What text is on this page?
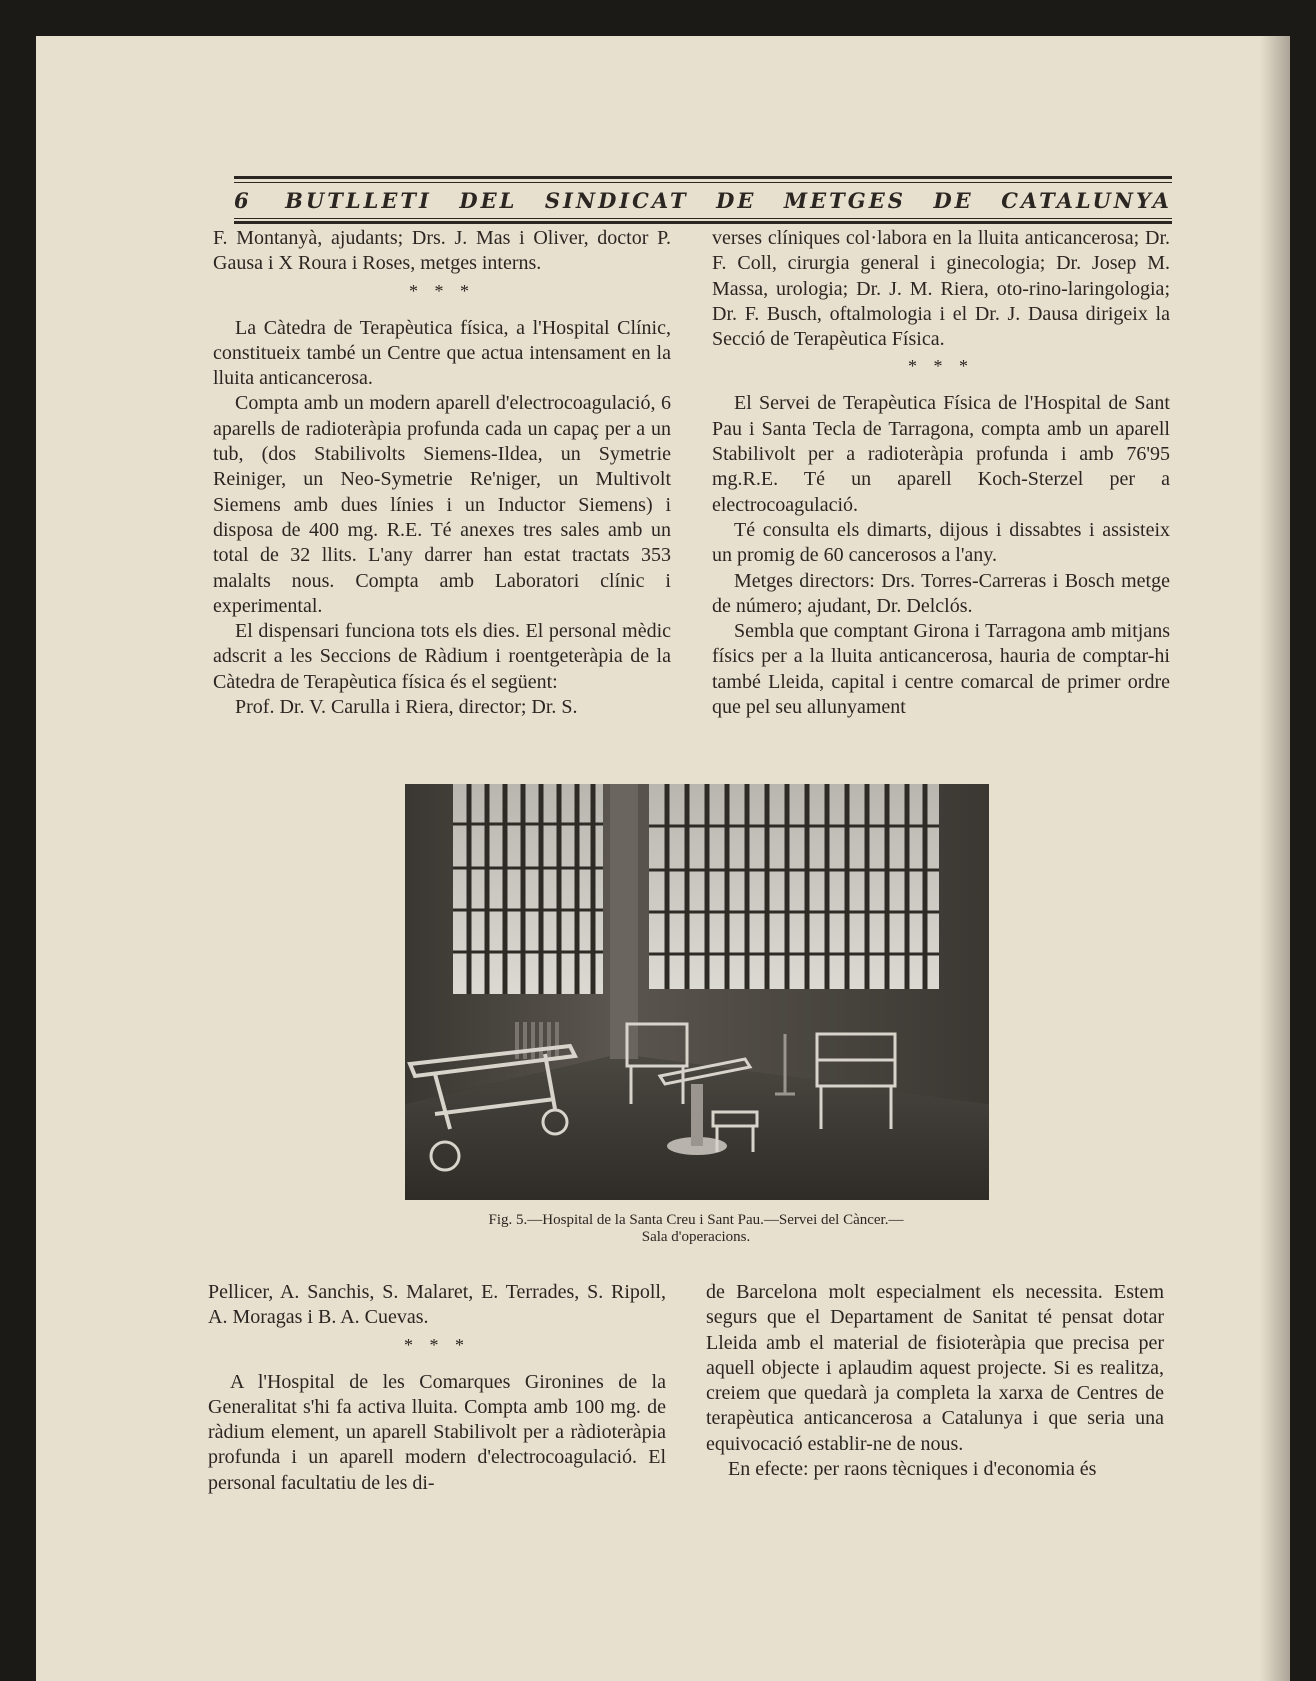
6 BUTLLETI DEL SINDICAT DE METGES DE CATALUNYA

F. Montanyà, ajudants; Drs. J. Mas i Oliver, doctor P. Gausa i X Roura i Roses, metges interns.

* * *

La Càtedra de Terapèutica física, a l'Hospital Clínic, constitueix també un Centre que actua intensament en la lluita anticancerosa.

Compta amb un modern aparell d'electrocoagulació, 6 aparells de radioteràpia profunda cada un capaç per a un tub, (dos Stabilivolts Siemens-Ildea, un Symetrie Reiniger, un Neo-Symetrie Re'niger, un Multivolt Siemens amb dues línies i un Inductor Siemens) i disposa de 400 mg. R.E. Té anexes tres sales amb un total de 32 llits. L'any darrer han estat tractats 353 malalts nous. Compta amb Laboratori clínic i experimental.

El dispensari funciona tots els dies. El personal mèdic adscrit a les Seccions de Ràdium i roentgeteràpia de la Càtedra de Terapèutica física és el següent:

Prof. Dr. V. Carulla i Riera, director; Dr. S.

verses clíniques col·labora en la lluita anticancerosa; Dr. F. Coll, cirurgia general i ginecologia; Dr. Josep M. Massa, urologia; Dr. J. M. Riera, oto-rino-laringologia; Dr. F. Busch, oftalmologia i el Dr. J. Dausa dirigeix la Secció de Terapèutica Física.

* * *

El Servei de Terapèutica Física de l'Hospital de Sant Pau i Santa Tecla de Tarragona, compta amb un aparell Stabilivolt per a radioteràpia profunda i amb 76'95 mg.R.E. Té un aparell Koch-Sterzel per a electrocoagulació.

Té consulta els dimarts, dijous i dissabtes i assisteix un promig de 60 cancerosos a l'any.

Metges directors: Drs. Torres-Carreras i Bosch metge de número; ajudant, Dr. Delclós.

Sembla que comptant Girona i Tarragona amb mitjans físics per a la lluita anticancerosa, hauria de comptar-hi també Lleida, capital i centre comarcal de primer ordre que pel seu allunyament

Fig. 5.—Hospital de la Santa Creu i Sant Pau.—Servei del Càncer.—
Sala d'operacions.

Pellicer, A. Sanchis, S. Malaret, E. Terrades, S. Ripoll, A. Moragas i B. A. Cuevas.

* * *

A l'Hospital de les Comarques Gironines de la Generalitat s'hi fa activa lluita. Compta amb 100 mg. de ràdium element, un aparell Stabilivolt per a ràdioteràpia profunda i un aparell modern d'electrocoagulació. El personal facultatiu de les di-

de Barcelona molt especialment els necessita. Estem segurs que el Departament de Sanitat té pensat dotar Lleida amb el material de fisioteràpia que precisa per aquell objecte i aplaudim aquest projecte. Si es realitza, creiem que quedarà ja completa la xarxa de Centres de terapèutica anticancerosa a Catalunya i que seria una equivocació establir-ne de nous.

En efecte: per raons tècniques i d'economia és
